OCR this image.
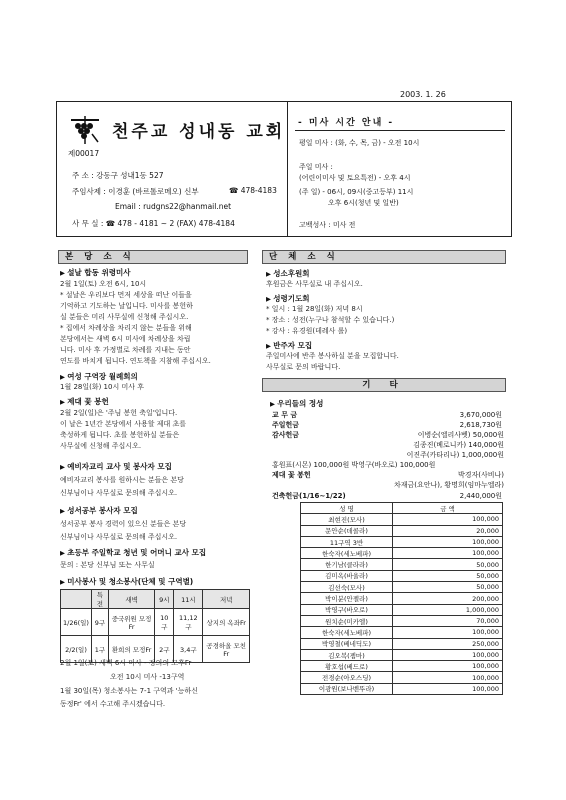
2003. 1. 26
천주교 성내동 교회
제00017
주 소 : 강동구 성내1동 527
주임사제 : 이경훈 (바르톨로메오) 신부	☎ 478-4183
Email : rudgns22@hanmail.net
사 무 실 : ☎ 478 - 4181 ~ 2 (FAX) 478-4184
- 미사 시간 안내 -
평일 미사 : (화, 수, 목, 금) - 오전 10시
주일 미사 :
(어린이미사 및 토요특전) - 오후 4시
(주 일) - 06시, 09시(중고등부) 11시
오후 6시(청년 및 일반)
고백성사 : 미사 전
본 당 소 식
▶ 설날 합동 위령미사
2월 1일(토) 오전 6시, 10시
* 설날은 우리보다 먼저 세상을 떠난 이들을
기억하고 기도하는 날입니다. 미사를 봉헌하
실 분들은 미리 사무실에 신청해 주십시오.
* 집에서 차례상을 차리지 않는 분들을 위해
본당에서는 새벽 6시 미사에 차례상을 차립
니다. 미사 후 가정별로 차례를 지내는 동안
연도를 바치게 됩니다. 연도책을 지참해 주십시오.
▶ 여성 구역장 월례회의
1월 28일(화) 10시 미사 후
▶ 제대 꽃 봉헌
2월 2일(일)은 '주님 봉헌 축일'입니다.
이 날은 1년간 본당에서 사용할 제대 초를
축성하게 됩니다. 초를 봉헌하실 분들은
사무실에 신청해 주십시오.
▶ 예비자교리 교사 및 봉사자 모집
예비자교리 봉사를 원하시는 분들은 본당
신부님이나 사무실로 문의해 주십시오.
▶ 성서공부 봉사자 모집
성서공부 봉사 경력이 있으신 분들은 본당
신부님이나 사무실로 문의해 주십시오.
▶ 초등부 주일학교 청년 및 어머니 교사 모집
문의 : 본당 신부님 또는 사무실
▶ 미사봉사 및 청소봉사(단체 및 구역별)
	특전	새벽	9시	11시	저녁
1/26(일)	9구	중국위원 모정Fr	10구	11,12구	상지의 옥좌Fr
2/2(일)	1구	환희의 모정Fr	2구	3,4구	공경하올 모친Fr
2월 1일(토) 새벽 6시 미사 - 정의의 모후Fr
오전 10시 미사 -13구역
1월 30일(목) 청소봉사는 7-1 구역과 '능하신
동정Fr' 에서 수고해 주시겠습니다.
단 체 소 식
▶ 성소후원회
후원금은 사무실로 내 주십시오.
▶ 성령기도회
* 일시 : 1월 28일(화) 저녁 8시
* 장소 : 성전(누구나 참석할 수 있습니다.)
* 강사 : 유경원(데레사 롤)
▶ 반주자 모집
주일미사에 반주 봉사하실 분을 모집합니다.
사무실로 문의 바랍니다.
기 타
▶ 우리들의 정성
교 무 금	3,670,000원
주일헌금	2,618,730원
감사헌금	이병순(엘리사벳) 50,000원
김종진(베로니카) 140,000원
이진주(카타리나) 1,000,000원
홍원표(시몬) 100,000원 박영구(바오로) 100,000원
제대 꽃 봉헌	박경자(사비나)
차재금(요안나), 황명희(임마누엘라)
건축헌금(1/16~1/22)	2,440,000원
성 명	금 액
최현진(모사)	100,000
문안순(데콜라)	20,000
11구역 3반	100,000
한숙자(세노베파)	100,000
한기남(클라라)	50,000
김미옥(바울라)	50,000
김선숙(모사)	50,000
박이분(안젤라)	200,000
박영구(바오로)	1,000,000
원치순(미카엘)	70,000
한숙자(세노베파)	100,000
박영철(베네딕도)	250,000
김오복(젬마)	100,000
황호섭(베드로)	100,000
전경순(아오스딩)	100,000
이광원(보나벤뚜라)	100,000
